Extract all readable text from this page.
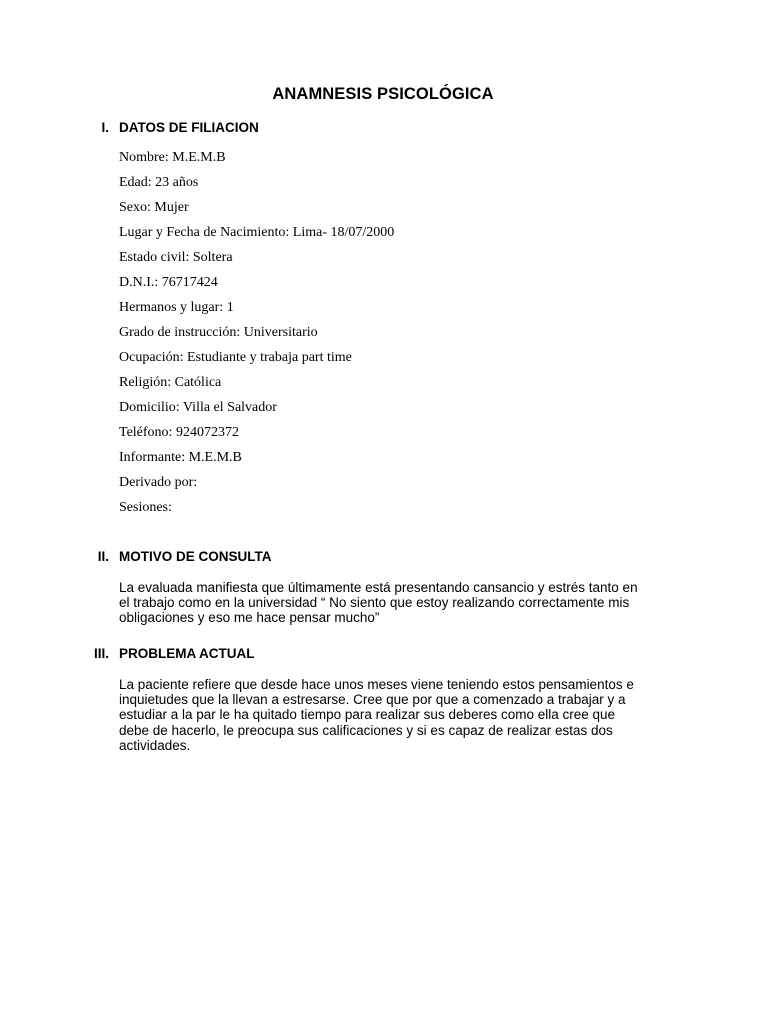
ANAMNESIS PSICOLÓGICA
I. DATOS DE FILIACION
Nombre: M.E.M.B
Edad: 23 años
Sexo: Mujer
Lugar y Fecha de Nacimiento: Lima- 18/07/2000
Estado civil: Soltera
D.N.I.: 76717424
Hermanos y lugar: 1
Grado de instrucción: Universitario
Ocupación: Estudiante y trabaja part time
Religión: Católica
Domicilio: Villa el Salvador
Teléfono: 924072372
Informante: M.E.M.B
Derivado por:
Sesiones:
II. MOTIVO DE CONSULTA
La evaluada manifiesta que últimamente está presentando cansancio y estrés tanto en
el trabajo como en la universidad “ No siento que estoy realizando correctamente mis
obligaciones y eso me hace pensar mucho”
III. PROBLEMA ACTUAL
La paciente refiere que desde hace unos meses viene teniendo estos pensamientos e
inquietudes que la llevan a estresarse. Cree que por que a comenzado a trabajar y a
estudiar a la par le ha quitado tiempo para realizar sus deberes como ella cree que
debe de hacerlo, le preocupa sus calificaciones y si es capaz de realizar estas dos
actividades.
